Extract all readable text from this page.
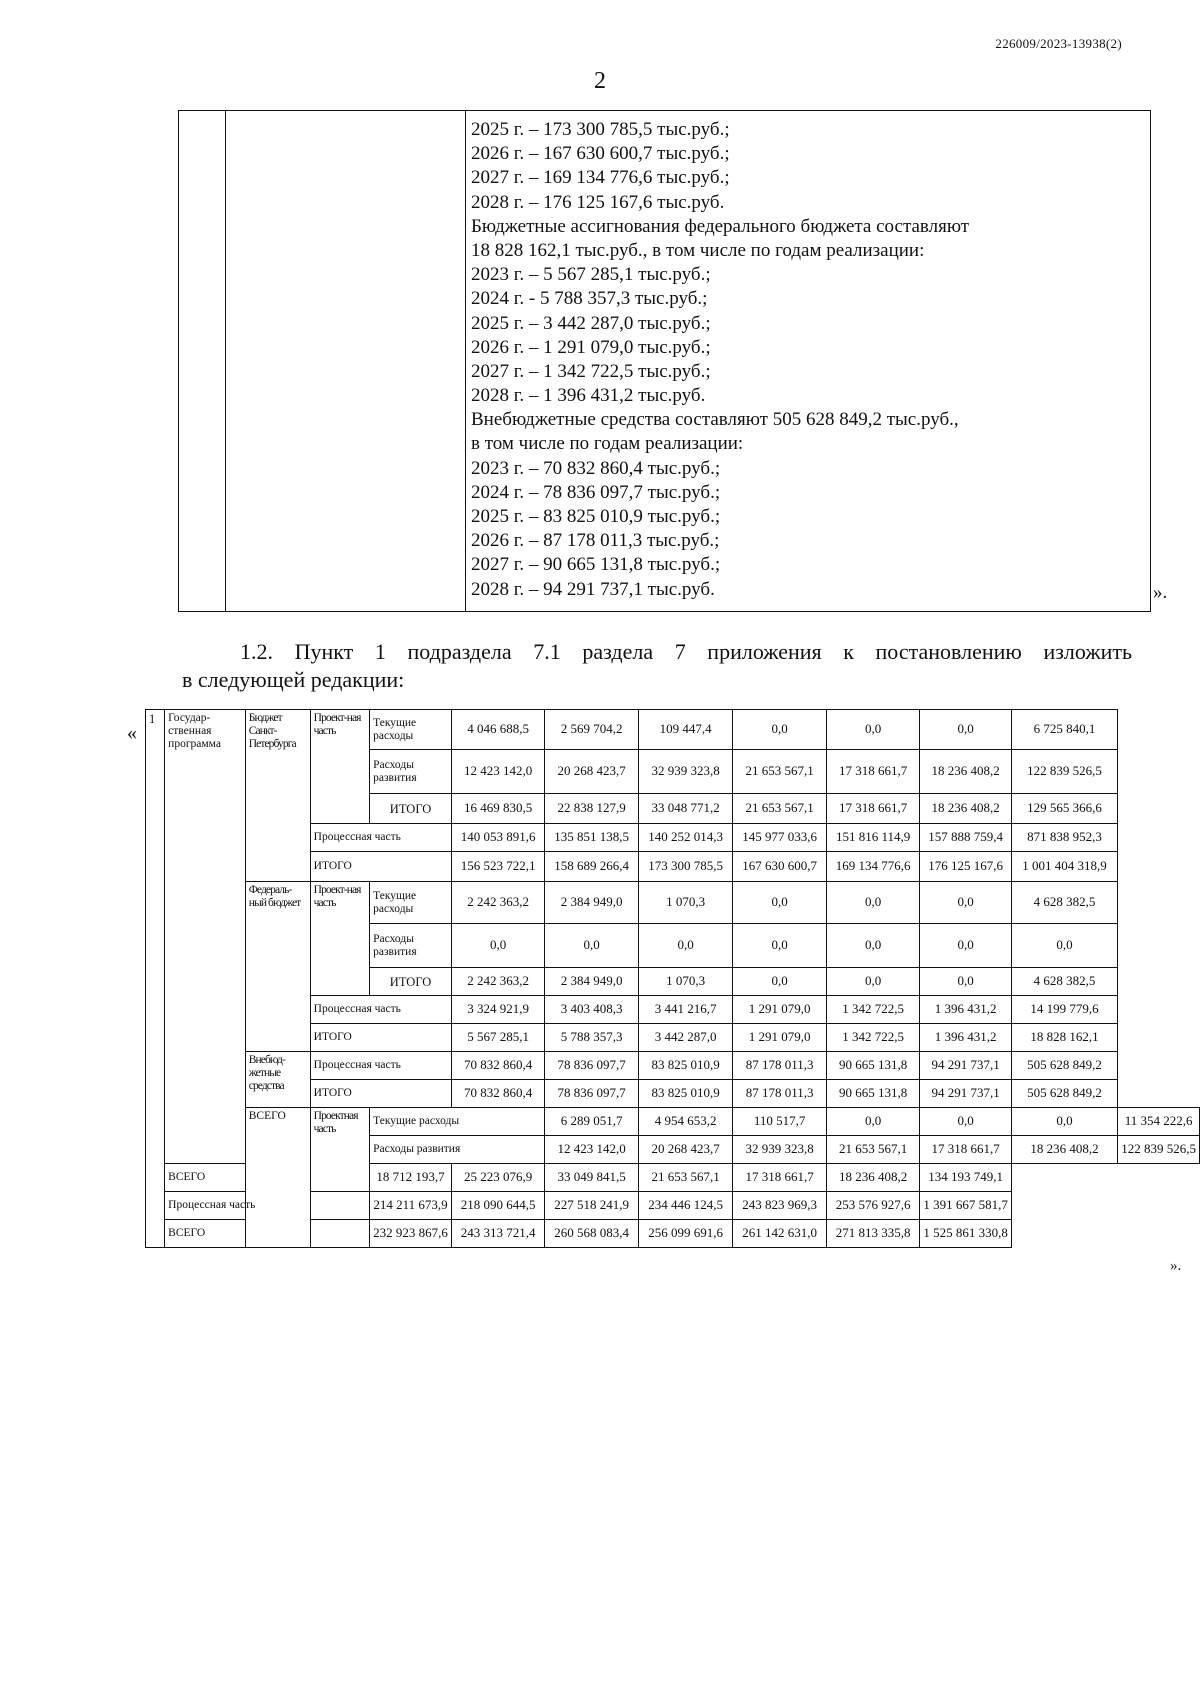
226009/2023-13938(2)
2
2025 г. – 173 300 785,5 тыс.руб.;
2026 г. – 167 630 600,7 тыс.руб.;
2027 г. – 169 134 776,6 тыс.руб.;
2028 г. – 176 125 167,6 тыс.руб.
Бюджетные ассигнования федерального бюджета составляют
18 828 162,1 тыс.руб., в том числе по годам реализации:
2023 г. – 5 567 285,1 тыс.руб.;
2024 г. - 5 788 357,3 тыс.руб.;
2025 г. – 3 442 287,0 тыс.руб.;
2026 г. – 1 291 079,0 тыс.руб.;
2027 г. – 1 342 722,5 тыс.руб.;
2028 г. – 1 396 431,2 тыс.руб.
Внебюджетные средства составляют 505 628 849,2 тыс.руб.,
в том числе по годам реализации:
2023 г. – 70 832 860,4 тыс.руб.;
2024 г. – 78 836 097,7 тыс.руб.;
2025 г. – 83 825 010,9 тыс.руб.;
2026 г. – 87 178 011,3 тыс.руб.;
2027 г. – 90 665 131,8 тыс.руб.;
2028 г. – 94 291 737,1 тыс.руб.	».
1.2. Пункт 1 подраздела 7.1 раздела 7 приложения к постановлению изложить
в следующей редакции:
«
1	Государ-ственная программа	Бюджет Санкт-Петербурга	Проект-ная часть	Текущие расходы	4 046 688,5	2 569 704,2	109 447,4	0,0	0,0	0,0	6 725 840,1	
				Расходы развития	12 423 142,0	20 268 423,7	32 939 323,8	21 653 567,1	17 318 661,7	18 236 408,2	122 839 526,5	
				ИТОГО	16 469 830,5	22 838 127,9	33 048 771,2	21 653 567,1	17 318 661,7	18 236 408,2	129 565 366,6	
			Процессная часть		140 053 891,6	135 851 138,5	140 252 014,3	145 977 033,6	151 816 114,9	157 888 759,4	871 838 952,3	
			ИТОГО		156 523 722,1	158 689 266,4	173 300 785,5	167 630 600,7	169 134 776,6	176 125 167,6	1 001 404 318,9	
		Федераль-ный бюджет	Проект-ная часть	Текущие расходы	2 242 363,2	2 384 949,0	1 070,3	0,0	0,0	0,0	4 628 382,5	
				Расходы развития	0,0	0,0	0,0	0,0	0,0	0,0	0,0	
				ИТОГО	2 242 363,2	2 384 949,0	1 070,3	0,0	0,0	0,0	4 628 382,5	
			Процессная часть		3 324 921,9	3 403 408,3	3 441 216,7	1 291 079,0	1 342 722,5	1 396 431,2	14 199 779,6	
			ИТОГО		5 567 285,1	5 788 357,3	3 442 287,0	1 291 079,0	1 342 722,5	1 396 431,2	18 828 162,1	
		Внебюд-жетные средства	Процессная часть		70 832 860,4	78 836 097,7	83 825 010,9	87 178 011,3	90 665 131,8	94 291 737,1	505 628 849,2	
			ИТОГО		70 832 860,4	78 836 097,7	83 825 010,9	87 178 011,3	90 665 131,8	94 291 737,1	505 628 849,2	
		ВСЕГО	Проектная часть	Текущие расходы		6 289 051,7	4 954 653,2	110 517,7	0,0	0,0	0,0	11 354 222,6
				Расходы развития		12 423 142,0	20 268 423,7	32 939 323,8	21 653 567,1	17 318 661,7	18 236 408,2	122 839 526,5
	ВСЕГО			18 712 193,7	25 223 076,9	33 049 841,5	21 653 567,1	17 318 661,7	18 236 408,2	134 193 749,1		
	Процессная часть			214 211 673,9	218 090 644,5	227 518 241,9	234 446 124,5	243 823 969,3	253 576 927,6	1 391 667 581,7		
	ВСЕГО			232 923 867,6	243 313 721,4	260 568 083,4	256 099 691,6	261 142 631,0	271 813 335,8	1 525 861 330,8		
».
